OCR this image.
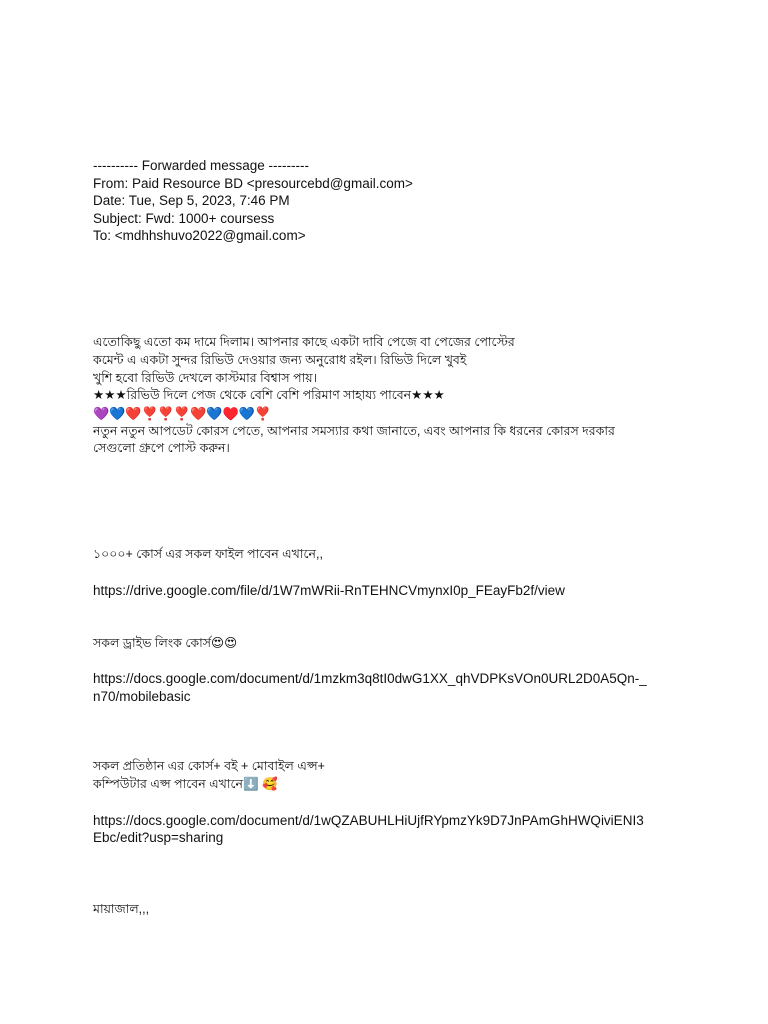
---------- Forwarded message ---------
From: Paid Resource BD <presourcebd@gmail.com>
Date: Tue, Sep 5, 2023, 7:46 PM
Subject: Fwd: 1000+ coursess
To: <mdhhshuvo2022@gmail.com>
এতোকিছু এতো কম দামে দিলাম। আপনার কাছে একটা দাবি পেজে বা পেজের পোস্টের
কমেন্ট এ একটা সুন্দর রিভিউ দেওয়ার জন্য অনুরোধ রইল। রিভিউ দিলে খুবই
খুশি হবো রিভিউ দেখলে কাস্টমার বিশ্বাস পায়।
★★★রিভিউ দিলে পেজ থেকে বেশি বেশি পরিমাণ সাহায্য পাবেন★★★
💜💙❤️❣️❣️❣️❤️💙♥️💙❣️
নতুন নতুন আপডেট কোরস পেতে, আপনার সমস্যার কথা জানাতে, এবং আপনার কি ধরনের কোরস দরকার
সেগুলো গ্রুপে পোস্ট করুন।
১০০০+ কোর্স এর সকল ফাইল পাবেন এখানে,,
https://drive.google.com/file/d/1W7mWRii-RnTEHNCVmynxI0p_FEayFb2f/view
সকল ড্রাইভ লিংক কোর্স😍😍
https://docs.google.com/document/d/1mzkm3q8tI0dwG1XX_qhVDPKsVOn0URL2D0A5Qn-_
n70/mobilebasic
সকল প্রতিষ্ঠান এর কোর্স+ বই + মোবাইল এপ্স+
কম্পিউটার এপ্স পাবেন এখানে⬇️ 🥰
https://docs.google.com/document/d/1wQZABUHLHiUjfRYpmzYk9D7JnPAmGhHWQiviENI3
Ebc/edit?usp=sharing
মায়াজাল,,,
